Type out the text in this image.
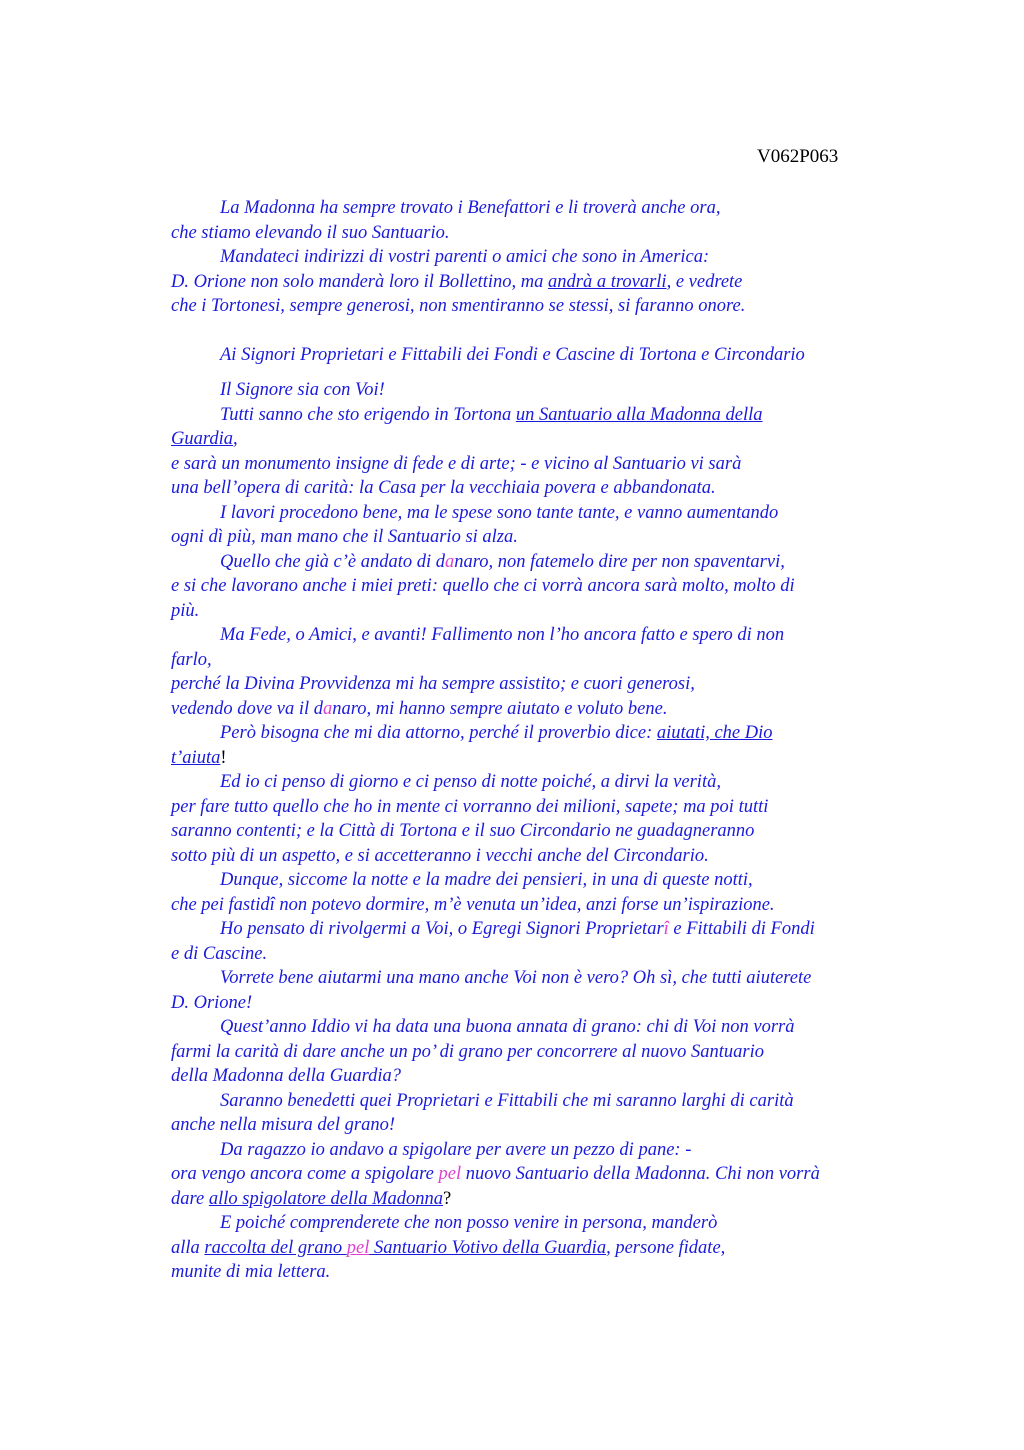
V062P063
La Madonna ha sempre trovato i Benefattori e li troverà anche ora,
che stiamo elevando il suo Santuario.
Mandateci indirizzi di vostri parenti o amici che sono in America:
D. Orione non solo manderà loro il Bollettino, ma andrà a trovarli, e vedrete
che i Tortonesi, sempre generosi, non smentiranno se stessi, si faranno onore.
Ai Signori Proprietari e Fittabili dei Fondi e Cascine di Tortona e Circondario
Il Signore sia con Voi!
Tutti sanno che sto erigendo in Tortona un Santuario alla Madonna della
Guardia,
e sarà un monumento insigne di fede e di arte; - e vicino al Santuario vi sarà
una bell’opera di carità: la Casa per la vecchiaia povera e abbandonata.
I lavori procedono bene, ma le spese sono tante tante, e vanno aumentando
ogni dì più, man mano che il Santuario si alza.
Quello che già c’è andato di danaro, non fatemelo dire per non spaventarvi,
e si che lavorano anche i miei preti: quello che ci vorrà ancora sarà molto, molto di
più.
Ma Fede, o Amici, e avanti! Fallimento non l’ho ancora fatto e spero di non
farlo,
perché la Divina Provvidenza mi ha sempre assistito; e cuori generosi,
vedendo dove va il danaro, mi hanno sempre aiutato e voluto bene.
Però bisogna che mi dia attorno, perché il proverbio dice: aiutati, che Dio
t’aiuta!
Ed io ci penso di giorno e ci penso di notte poiché, a dirvi la verità,
per fare tutto quello che ho in mente ci vorranno dei milioni, sapete; ma poi tutti
saranno contenti; e la Città di Tortona e il suo Circondario ne guadagneranno
sotto più di un aspetto, e si accetteranno i vecchi anche del Circondario.
Dunque, siccome la notte e la madre dei pensieri, in una di queste notti,
che pei fastidî non potevo dormire, m’è venuta un’idea, anzi forse un’ispirazione.
Ho pensato di rivolgermi a Voi, o Egregi Signori Proprietarî e Fittabili di Fondi
e di Cascine.
Vorrete bene aiutarmi una mano anche Voi non è vero? Oh sì, che tutti aiuterete
D. Orione!
Quest’anno Iddio vi ha data una buona annata di grano: chi di Voi non vorrà
farmi la carità di dare anche un po’ di grano per concorrere al nuovo Santuario
della Madonna della Guardia?
Saranno benedetti quei Proprietari e Fittabili che mi saranno larghi di carità
anche nella misura del grano!
Da ragazzo io andavo a spigolare per avere un pezzo di pane: -
ora vengo ancora come a spigolare pel nuovo Santuario della Madonna. Chi non vorrà
dare allo spigolatore della Madonna?
E poiché comprenderete che non posso venire in persona, manderò
alla raccolta del grano pel Santuario Votivo della Guardia, persone fidate,
munite di mia lettera.
